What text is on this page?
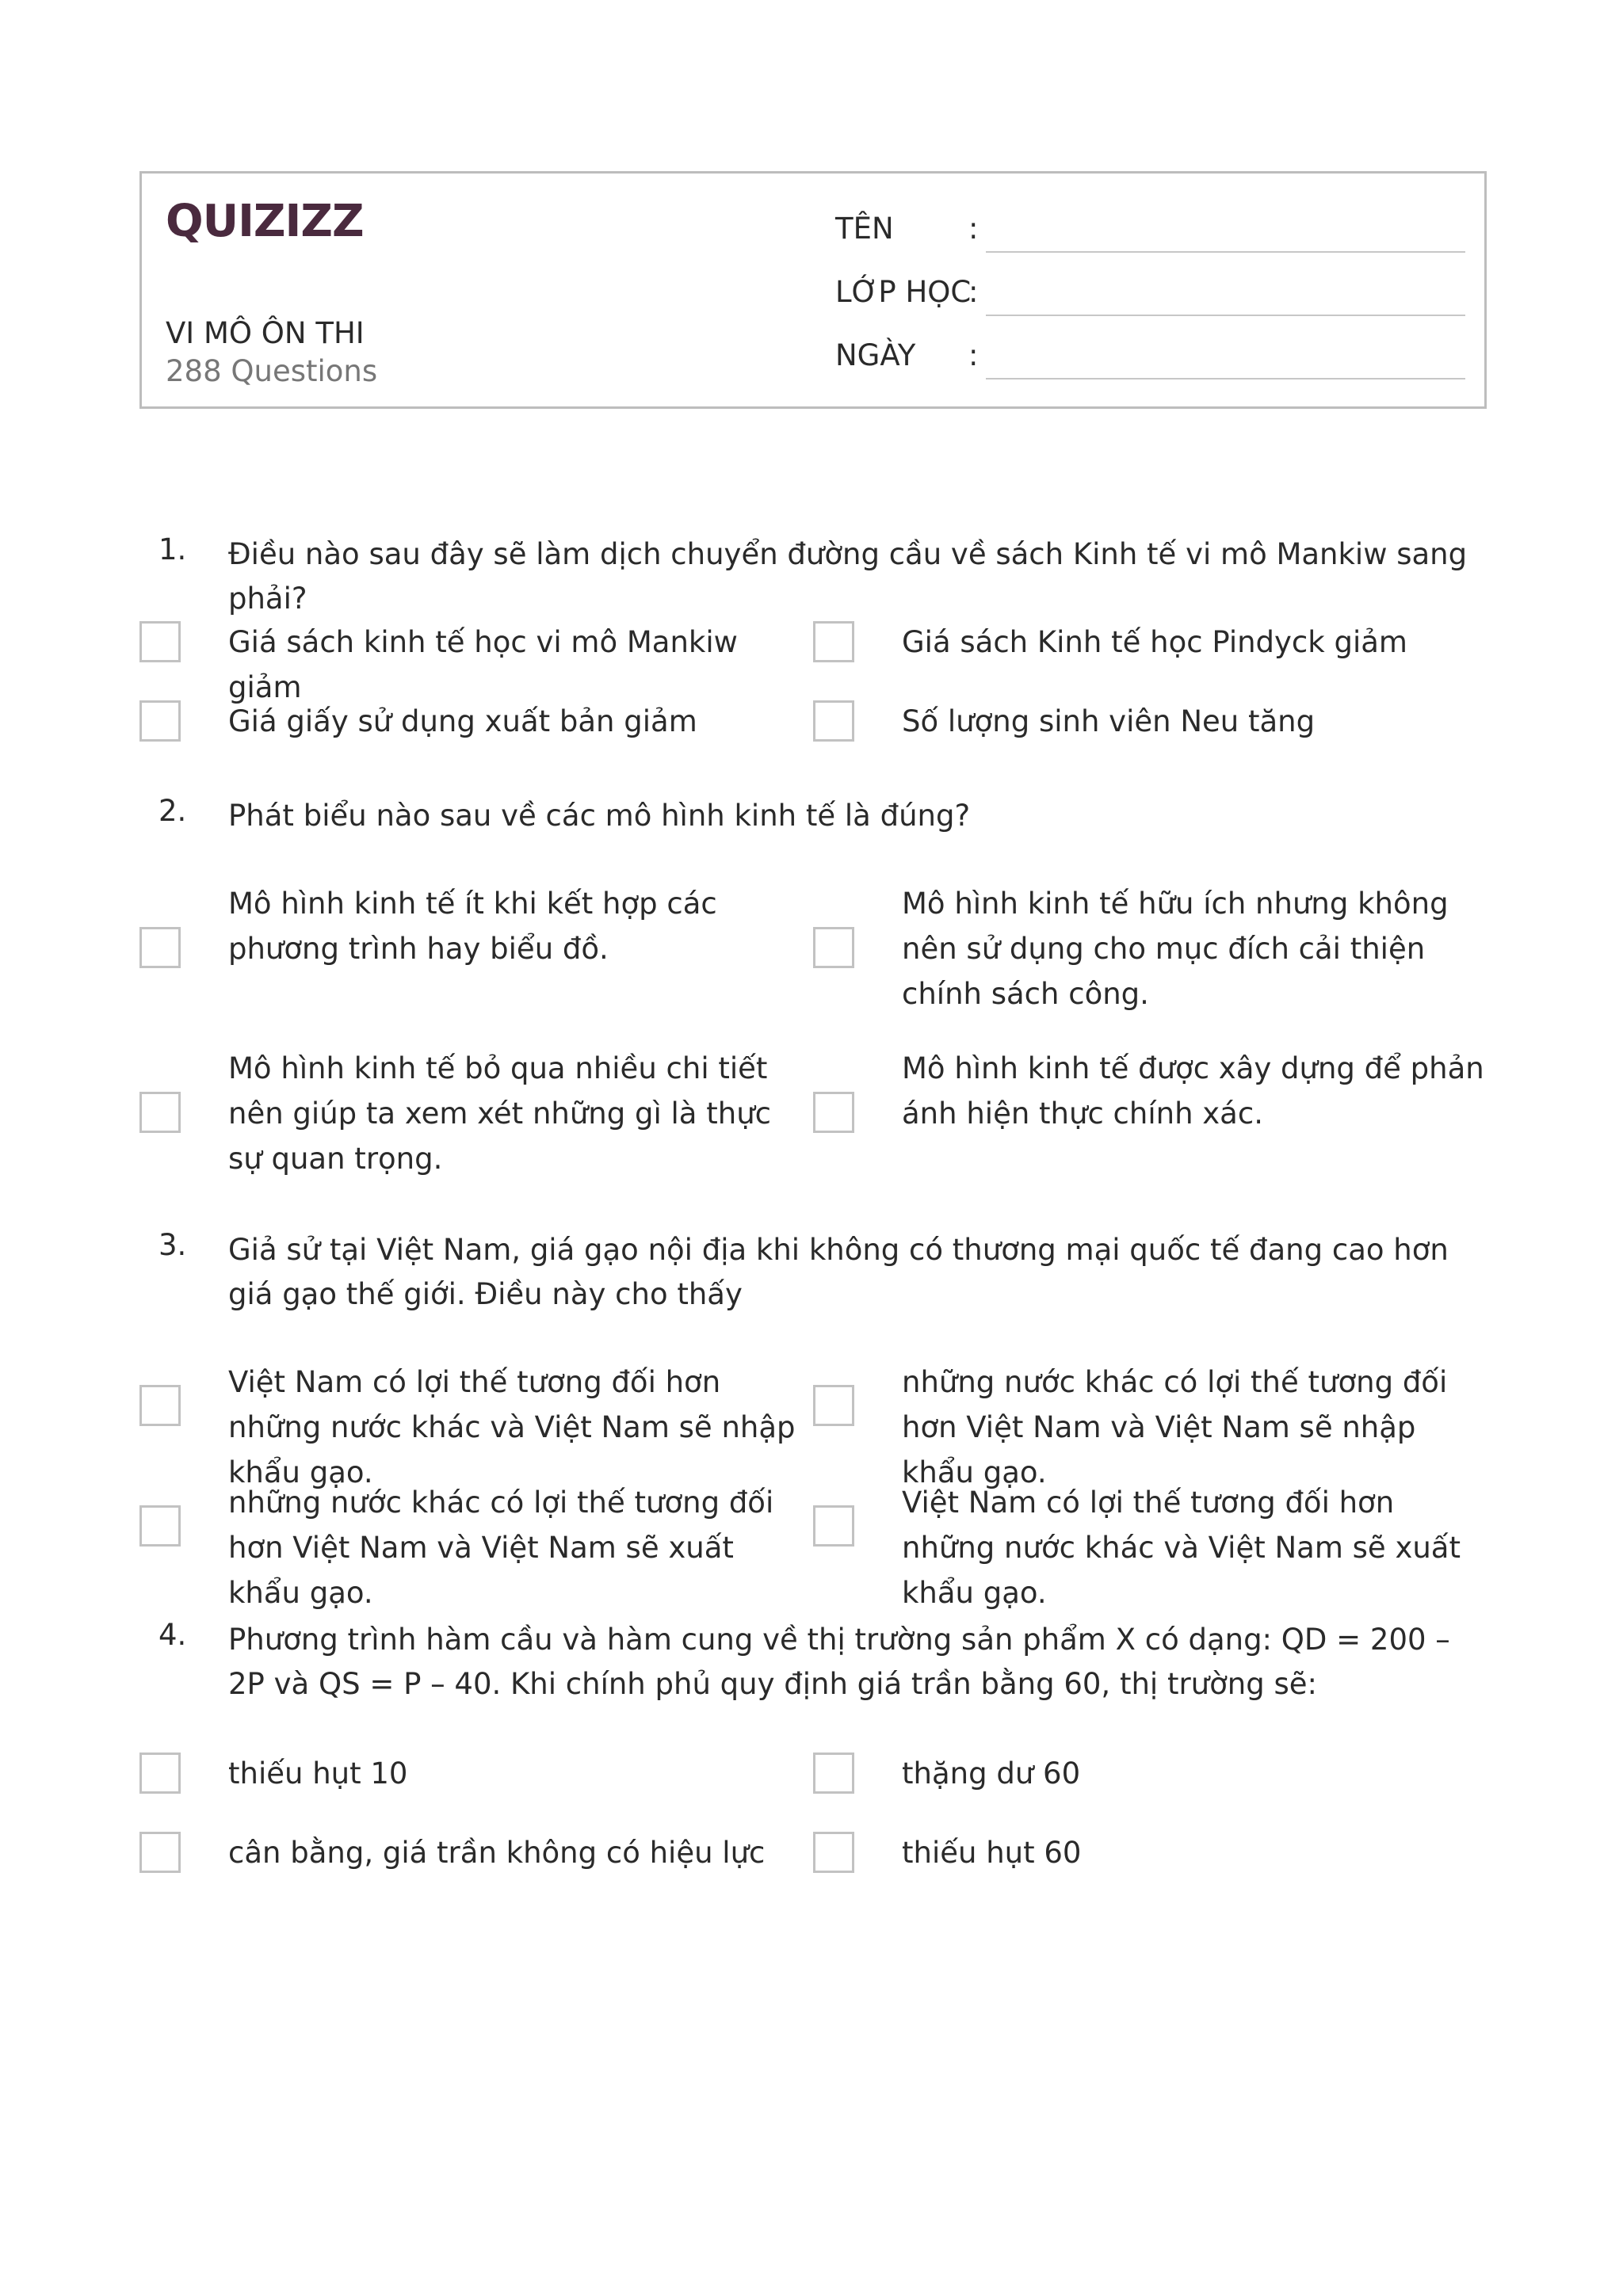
QUIZIZZ
VI MÔ ÔN THI
288 Questions
TÊN	:
LỚP HỌC
:
NGÀY :
1. Điều nào sau đây sẽ làm dịch chuyển đường cầu về sách Kinh tế vi mô Mankiw sang phải?
Giá sách kinh tế học vi mô Mankiw giảm
Giá sách Kinh tế học Pindyck giảm
Giá giấy sử dụng xuất bản giảm	Số lượng sinh viên Neu tăng
2. Phát biểu nào sau về các mô hình kinh tế là đúng?
Mô hình kinh tế ít khi kết hợp các phương trình hay biểu đồ.
Mô hình kinh tế hữu ích nhưng không nên sử dụng cho mục đích cải thiện chính sách công.
Mô hình kinh tế bỏ qua nhiều chi tiết nên giúp ta xem xét những gì là thực sự quan trọng.
Mô hình kinh tế được xây dựng để phản ánh hiện thực chính xác.
3. Giả sử tại Việt Nam, giá gạo nội địa khi không có thương mại quốc tế đang cao hơn giá gạo thế giới. Điều này cho thấy
Việt Nam có lợi thế tương đối hơn những nước khác và Việt Nam sẽ nhập khẩu gạo.
những nước khác có lợi thế tương đối hơn Việt Nam và Việt Nam sẽ nhập khẩu gạo.
những nước khác có lợi thế tương đối hơn Việt Nam và Việt Nam sẽ xuất khẩu gạo.
Việt Nam có lợi thế tương đối hơn những nước khác và Việt Nam sẽ xuất khẩu gạo.
4. Phương trình hàm cầu và hàm cung về thị trường sản phẩm X có dạng: QD = 200 – 2P và QS = P – 40. Khi chính phủ quy định giá trần bằng 60, thị trường sẽ:
thiếu hụt 10	thặng dư 60
cân bằng, giá trần không có hiệu lực	thiếu hụt 60
